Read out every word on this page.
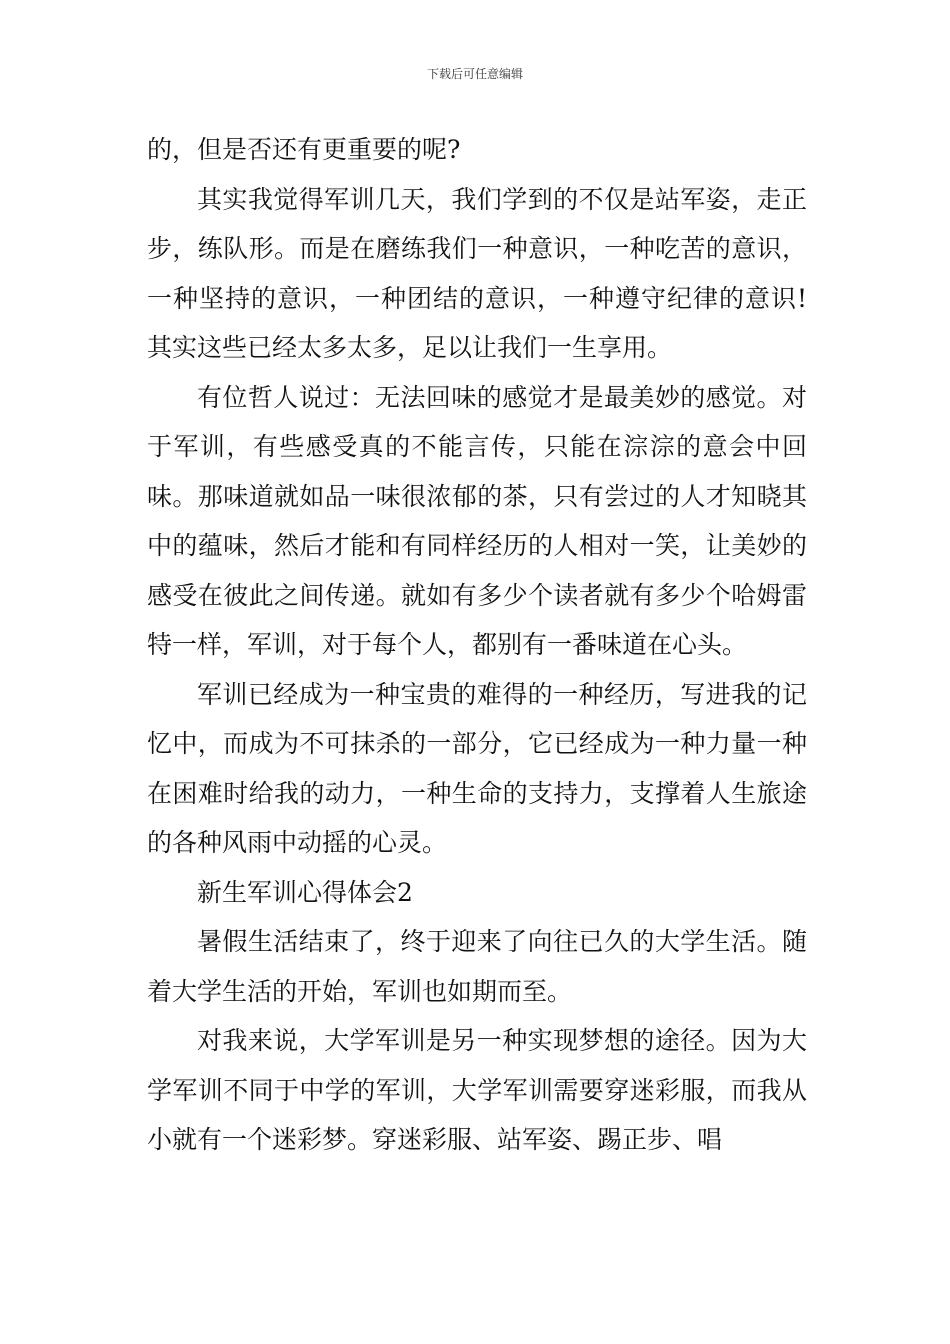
下载后可任意编辑

的，但是否还有更重要的呢?

其实我觉得军训几天，我们学到的不仅是站军姿，走正步，练队形。而是在磨练我们一种意识，一种吃苦的意识，一种坚持的意识，一种团结的意识，一种遵守纪律的意识!其实这些已经太多太多，足以让我们一生享用。

有位哲人说过：无法回味的感觉才是最美妙的感觉。对于军训，有些感受真的不能言传，只能在淙淙的意会中回味。那味道就如品一味很浓郁的茶，只有尝过的人才知晓其中的蕴味，然后才能和有同样经历的人相对一笑，让美妙的感受在彼此之间传递。就如有多少个读者就有多少个哈姆雷特一样，军训，对于每个人，都别有一番味道在心头。

军训已经成为一种宝贵的难得的一种经历，写进我的记忆中，而成为不可抹杀的一部分，它已经成为一种力量一种在困难时给我的动力，一种生命的支持力，支撑着人生旅途的各种风雨中动摇的心灵。

新生军训心得体会2

暑假生活结束了，终于迎来了向往已久的大学生活。随着大学生活的开始，军训也如期而至。

对我来说，大学军训是另一种实现梦想的途径。因为大学军训不同于中学的军训，大学军训需要穿迷彩服，而我从小就有一个迷彩梦。穿迷彩服、站军姿、踢正步、唱
